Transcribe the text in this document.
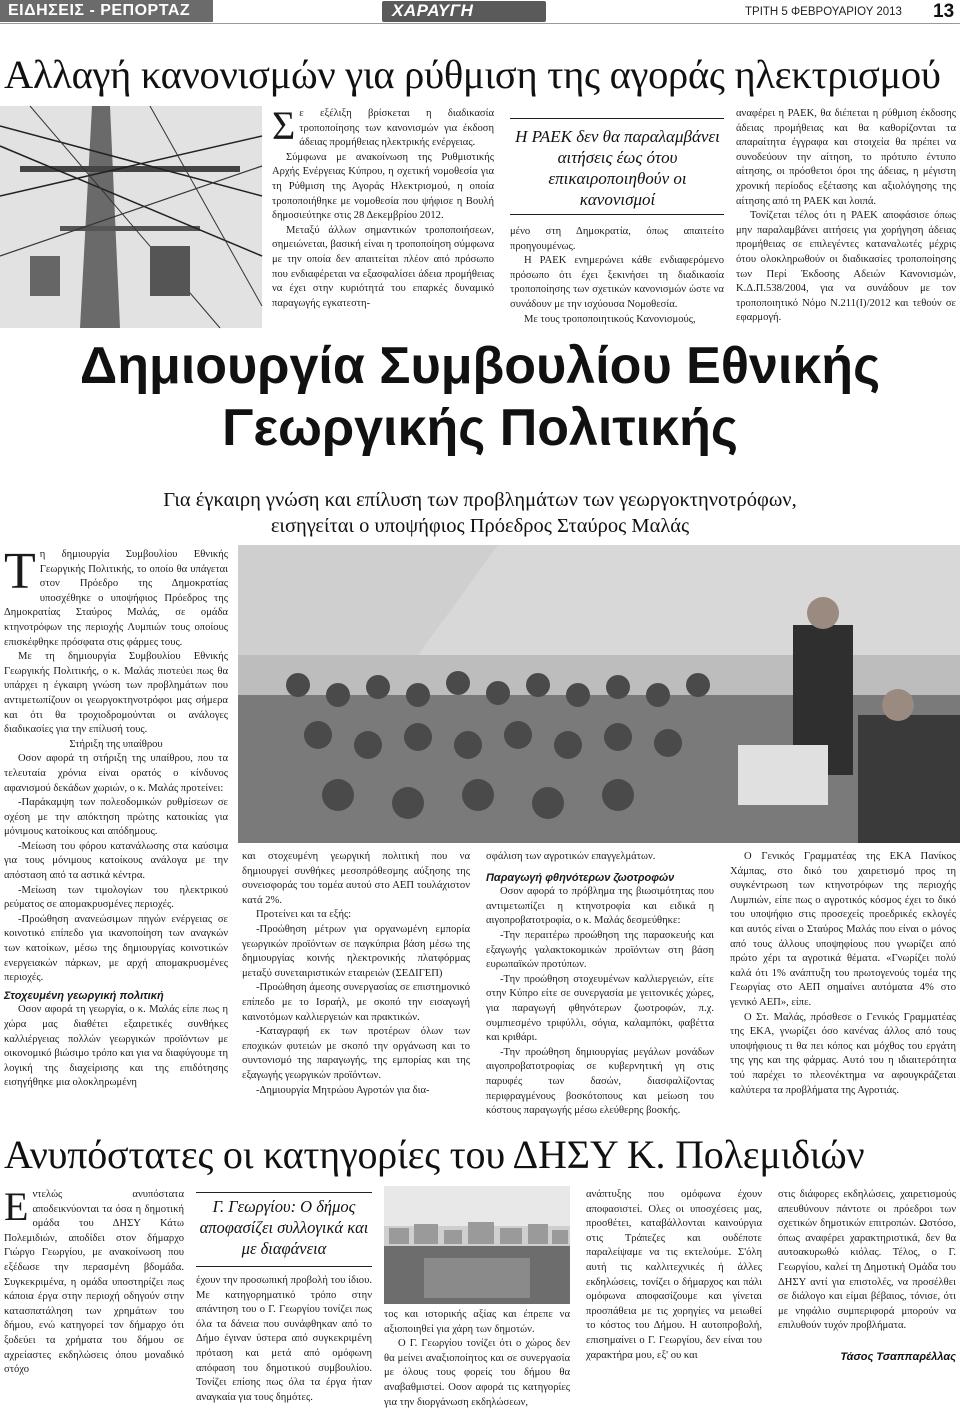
ΕΙΔΗΣΕΙΣ - ΡΕΠΟΡΤΑΖ	ΧΑΡΑΥΓΗ	ΤΡΙΤΗ 5 ΦΕΒΡΟΥΑΡΙΟΥ 2013 13
Αλλαγή κανονισμών για ρύθμιση της αγοράς ηλεκτρισμού
Σ ε εξέλιξη βρίσκεται η διαδικασία τροποποίησης των κανονισμών για έκδοση άδειας προμήθειας ηλεκτρικής ενέργειας.

Σύμφωνα με ανακοίνωση της Ρυθμιστικής Αρχής Ενέργειας Κύπρου, η σχετική νομοθεσία για τη Ρύθμιση της Αγοράς Ηλεκτρισμού, η οποία τροποποιήθηκε με νομοθεσία που ψήφισε η Βουλή δημοσιεύτηκε στις 28 Δεκεμβρίου 2012.

Μεταξύ άλλων σημαντικών τροποποιήσεων, σημειώνεται, βασική είναι η τροποποίηση σύμφωνα με την οποία δεν απαιτείται πλέον από πρόσωπο που ενδιαφέρεται να εξασφαλίσει άδεια προμήθειας να έχει στην κυριότητά του επαρκές δυναμικό παραγωγής εγκατεστη-

Η ΡΑΕΚ δεν θα παραλαμβάνει αιτήσεις έως ότου επικαιροποιηθούν οι κανονισμοί

μένο στη Δημοκρατία, όπως απαιτείτο προηγουμένως.

Η ΡΑΕΚ ενημερώνει κάθε ενδιαφερόμενο πρόσωπο ότι έχει ξεκινήσει τη διαδικασία τροποποίησης των σχετικών κανονισμών ώστε να συνάδουν με την ισχύουσα Νομοθεσία.

Με τους τροποποιητικούς Κανονισμούς,

αναφέρει η ΡΑΕΚ, θα διέπεται η ρύθμιση έκδοσης άδειας προμήθειας και θα καθορίζονται τα απαραίτητα έγγραφα και στοιχεία θα πρέπει να συνοδεύουν την αίτηση, το πρότυπο έντυπο αίτησης, οι πρόσθετοι όροι της άδειας, η μέγιστη χρονική περίοδος εξέτασης και αξιολόγησης της αίτησης από τη ΡΑΕΚ και λοιπά.

Τονίζεται τέλος ότι η ΡΑΕΚ αποφάσισε όπως μην παραλαμβάνει αιτήσεις για χορήγηση άδειας προμήθειας σε επιλεγέντες καταναλωτές μέχρις ότου ολοκληρωθούν οι διαδικασίες τροποποίησης των Περί Έκδοσης Αδειών Κανονισμών, Κ.Δ.Π.538/2004, για να συνάδουν με τον τροποποιητικό Νόμο Ν.211(Ι)/2012 και τεθούν σε εφαρμογή.

Δημιουργία Συμβουλίου Εθνικής
Γεωργικής Πολιτικής
Για έγκαιρη γνώση και επίλυση των προβλημάτων των γεωργοκτηνοτρόφων,
εισηγείται ο υποψήφιος Πρόεδρος Σταύρος Μαλάς
Τ η δημιουργία Συμβουλίου Εθνικής Γεωργικής Πολιτικής, το οποίο θα υπάγεται στον Πρόεδρο της Δημοκρατίας υποσχέθηκε ο υποψήφιος Πρόεδρος της Δημοκρατίας Σταύρος Μαλάς, σε ομάδα κτηνοτρόφων της περιοχής Λυμπιών τους οποίους επισκέφθηκε πρόσφατα στις φάρμες τους.

Με τη δημιουργία Συμβουλίου Εθνικής Γεωργικής Πολιτικής, ο κ. Μαλάς πιστεύει πως θα υπάρχει η έγκαιρη γνώση των προβλημάτων που αντιμετωπίζουν οι γεωργοκτηνοτρόφοι μας σήμερα και ότι θα τροχιοδρομούνται οι ανάλογες διαδικασίες για την επίλυσή τους.

Στήριξη της υπαίθρου

Οσον αφορά τη στήριξη της υπαίθρου, που τα τελευταία χρόνια είναι ορατός ο κίνδυνος αφανισμού δεκάδων χωριών, ο κ. Μαλάς προτείνει:

-Παράκαμψη των πολεοδομικών ρυθμίσεων σε σχέση με την απόκτηση πρώτης κατοικίας για μόνιμους κατοίκους και απόδημους.

-Μείωση του φόρου κατανάλωσης στα καύσιμα για τους μόνιμους κατοίκους ανάλογα με την απόσταση από τα αστικά κέντρα.

-Μείωση των τιμολογίων του ηλεκτρικού ρεύματος σε απομακρυσμένες περιοχές.

-Προώθηση ανανεώσιμων πηγών ενέργειας σε κοινοτικό επίπεδο για ικανοποίηση των αναγκών των κατοίκων, μέσω της δημιουργίας κοινοτικών ενεργειακών πάρκων, με αρχή απομακρυσμένες περιοχές.

Στοχευμένη γεωργική πολιτική

Οσον αφορά τη γεωργία, ο κ. Μαλάς είπε πως η χώρα μας διαθέτει εξαιρετικές συνθήκες καλλιέργειας πολλών γεωργικών προϊόντων με οικονομικό βιώσιμο τρόπο και για να διαφύγουμε τη λογική της διαχείρισης και της επιδότησης εισηγήθηκε μια ολοκληρωμένη

και στοχευμένη γεωργική πολιτική που να δημιουργεί συνθήκες μεσοπρόθεσμης αύξησης της συνεισφοράς του τομέα αυτού στο ΑΕΠ τουλάχιστον κατά 2%.

Προτείνει και τα εξής:

-Προώθηση μέτρων για οργανωμένη εμπορία γεωργικών προϊόντων σε παγκύπρια βάση μέσω της δημιουργίας κοινής ηλεκτρονικής πλατφόρμας μεταξύ συνεταιριστικών εταιρειών (ΣΕΔΙΓΕΠ)

-Προώθηση άμεσης συνεργασίας σε επιστημονικό επίπεδο με το Ισραήλ, με σκοπό την εισαγωγή καινοτόμων καλλιεργειών και πρακτικών.

-Καταγραφή εκ των προτέρων όλων των εποχικών φυτειών με σκοπό την οργάνωση και το συντονισμό της παραγωγής, της εμπορίας και της εξαγωγής γεωργικών προϊόντων.

-Δημιουργία Μητρώου Αγροτών για δια-

σφάλιση των αγροτικών επαγγελμάτων.

Παραγωγή φθηνότερων ζωοτροφών

Οσον αφορά το πρόβλημα της βιωσιμότητας που αντιμετωπίζει η κτηνοτροφία και ειδικά η αιγοπροβατοτροφία, ο κ. Μαλάς δεσμεύθηκε:

-Την περαιτέρω προώθηση της παρασκευής και εξαγωγής γαλακτοκομικών προϊόντων στη βάση ευρωπαϊκών προτύπων.

-Την προώθηση στοχευμένων καλλιεργειών, είτε στην Κύπρο είτε σε συνεργασία με γειτονικές χώρες, για παραγωγή φθηνότερων ζωοτροφών, π.χ. συμπιεσμένο τριφύλλι, σόγια, καλαμπόκι, φαβέττα και κριθάρι.

-Την προώθηση δημιουργίας μεγάλων μονάδων αιγοπροβατοτροφίας σε κυβερνητική γη στις παρυφές των δασών, διασφαλίζοντας περιφραγμένους βοσκότοπους και μείωση του κόστους παραγωγής μέσω ελεύθερης βοσκής.

Ο Γενικός Γραμματέας της ΕΚΑ Πανίκος Χάμπας, στο δικό του χαιρετισμό προς τη συγκέντρωση των κτηνοτρόφων της περιοχής Λυμπιών, είπε πως ο αγροτικός κόσμος έχει το δικό του υποψήφιο στις προσεχείς προεδρικές εκλογές και αυτός είναι ο Σταύρος Μαλάς που είναι ο μόνος από τους άλλους υποψηφίους που γνωρίζει από πρώτο χέρι τα αγροτικά θέματα. «Γνωρίζει πολύ καλά ότι 1% ανάπτυξη του πρωτογενούς τομέα της Γεωργίας στο ΑΕΠ σημαίνει αυτόματα 4% στο γενικό ΑΕΠ», είπε.

Ο Στ. Μαλάς, πρόσθεσε ο Γενικός Γραμματέας της ΕΚΑ, γνωρίζει όσο κανένας άλλος από τους υποψήφιους τι θα πει κόπος και μόχθος του εργάτη της γης και της φάρμας. Αυτό του η ιδιαιτερότητα τού παρέχει το πλεονέκτημα να αφουγκράζεται καλύτερα τα προβλήματα της Αγροτιάς.

Ανυπόστατες οι κατηγορίες του ΔΗΣΥ Κ. Πολεμιδιών
Ε ντελώς ανυπόστατα αποδεικνύονται τα όσα η δημοτική ομάδα του ΔΗΣΥ Κάτω Πολεμιδιών, αποδίδει στον δήμαρχο Γιώργο Γεωργίου, με ανακοίνωση που εξέδωσε την περασμένη βδομάδα. Συγκεκριμένα, η ομάδα υποστηρίζει πως κάποια έργα στην περιοχή οδηγούν στην κατασπατάληση των χρημάτων του δήμου, ενώ κατηγορεί τον δήμαρχο ότι ξοδεύει τα χρήματα του δήμου σε αχρείαστες εκδηλώσεις όπου μοναδικό στόχο

Γ. Γεωργίου: Ο δήμος αποφασίζει συλλογικά και με διαφάνεια

έχουν την προσωπική προβολή του ίδιου. Με κατηγορηματικό τρόπο στην απάντηση του ο Γ. Γεωργίου τονίζει πως όλα τα δάνεια που συνάφθηκαν από το Δήμο έγιναν ύστερα από συγκεκριμένη πρόταση και μετά από ομόφωνη απόφαση του δημοτικού συμβουλίου. Τονίζει επίσης πως όλα τα έργα ήταν αναγκαία για τους δημότες.

τος και ιστορικής αξίας και έπρεπε να αξιοποιηθεί για χάρη των δημοτών.

Ο Γ. Γεωργίου τονίζει ότι ο χώρος δεν θα μείνει αναξιοποίητος και σε συνεργασία με όλους τους φορείς του δήμου θα αναβαθμιστεί. Οσον αφορά τις κατηγορίες για την διοργάνωση εκδηλώσεων,

ανάπτυξης που ομόφωνα έχουν αποφασιστεί. Ολες οι υποσχέσεις μας, προσθέτει, καταβάλλονται καινούργια στις Τράπεζες και ουδέποτε παραλείψαμε να τις εκτελούμε. Σ'όλη αυτή τις καλλιτεχνικές ή άλλες εκδηλώσεις, τονίζει ο δήμαρχος και πάλι ομόφωνα αποφασίζουμε και γίνεται προσπάθεια με τις χορηγίες να μειωθεί το κόστος του Δήμου. Η αυτοπροβολή, επισημαίνει ο Γ. Γεωργίου, δεν είναι του χαρακτήρα μου, εξ' ου και

στις διάφορες εκδηλώσεις, χαιρετισμούς απευθύνουν πάντοτε οι πρόεδροι των σχετικών δημοτικών επιτροπών. Ωστόσο, όπως αναφέρει χαρακτηριστικά, δεν θα αυτοακυρωθώ κιόλας. Τέλος, ο Γ. Γεωργίου, καλεί τη Δημοτική Ομάδα του ΔΗΣΥ αντί για επιστολές, να προσέλθει σε διάλογο και είμαι βέβαιος, τόνισε, ότι με νηφάλιο συμπεριφορά μπορούν να επιλυθούν τυχόν προβλήματα.

Τάσος Τσαππαρέλλας
